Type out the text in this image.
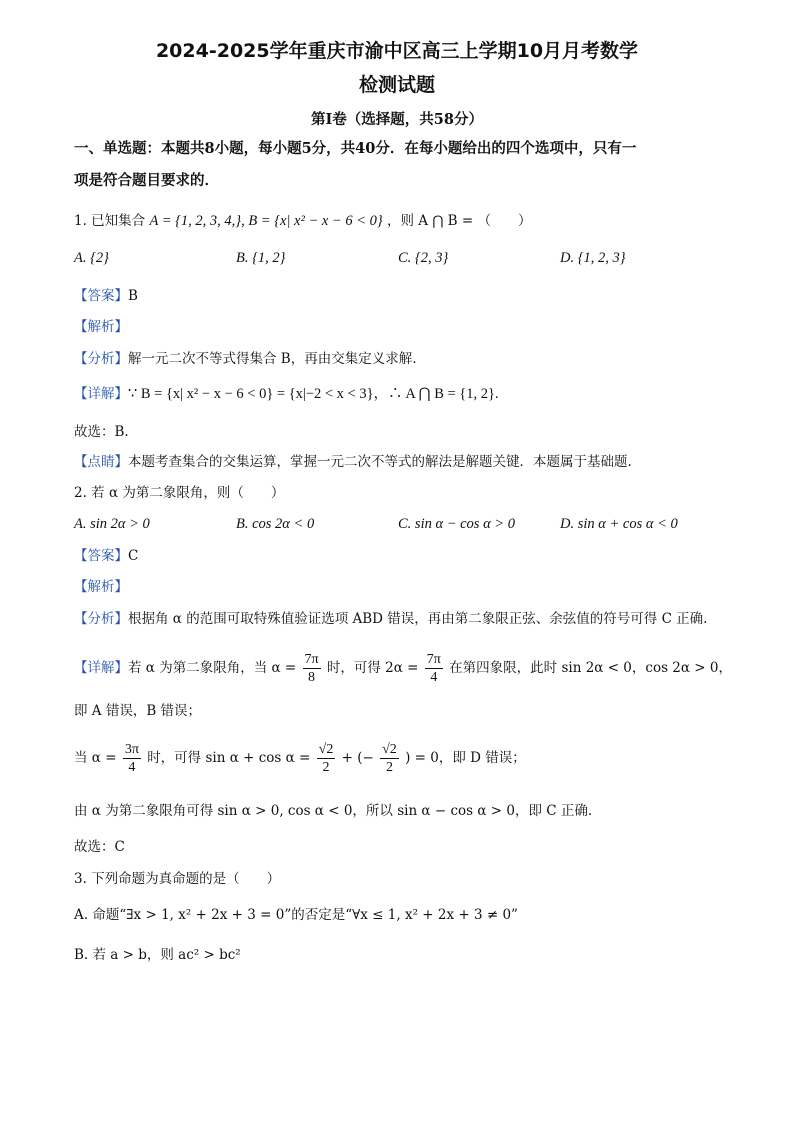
2024-2025学年重庆市渝中区高三上学期10月月考数学
检测试题
第I卷（选择题，共58分）
一、单选题：本题共8小题，每小题5分，共40分．在每小题给出的四个选项中，只有一
项是符合题目要求的．
1. 已知集合 A = {1, 2, 3, 4,}, B = {x| x² − x − 6 < 0} ，则 A ⋂ B = （　　）
A. {2}	B. {1, 2}	C. {2, 3}	D. {1, 2, 3}
【答案】B
【解析】
【分析】解一元二次不等式得集合 B，再由交集定义求解.
【详解】∵ B = {x| x² − x − 6 < 0} = {x|−2 < x < 3}，∴ A ⋂ B = {1, 2}.
故选：B.
【点睛】本题考查集合的交集运算，掌握一元二次不等式的解法是解题关键．本题属于基础题.
2. 若 α 为第二象限角，则（　　）
A. sin 2α > 0	B. cos 2α < 0	C. sin α − cos α > 0	D. sin α + cos α < 0
【答案】C
【解析】
【分析】根据角 α 的范围可取特殊值验证选项 ABD 错误，再由第二象限正弦、余弦值的符号可得 C 正确.
【详解】若 α 为第二象限角，当 $\alpha = \frac{7\pi}{8}$ 时，可得 $2\alpha = \frac{7\pi}{4}$ 在第四象限，此时 sin 2α < 0，cos 2α > 0，
即 A 错误，B 错误；
当 $\alpha = \frac{3\pi}{4}$ 时，可得 $\sin \alpha + \cos \alpha = \frac{√2}{2}$ + (− $\frac{√2}{2}$ ) = 0，即 D 错误；
由 α 为第二象限角可得 sin α > 0, cos α < 0，所以 sin α − cos α > 0，即 C 正确.
故选：C
3. 下列命题为真命题的是（　　）
A. 命题“∃x > 1, x² + 2x + 3 = 0”的否定是“∀x ≤ 1, x² + 2x + 3 ≠ 0”
B. 若 a > b，则 ac² > bc²
